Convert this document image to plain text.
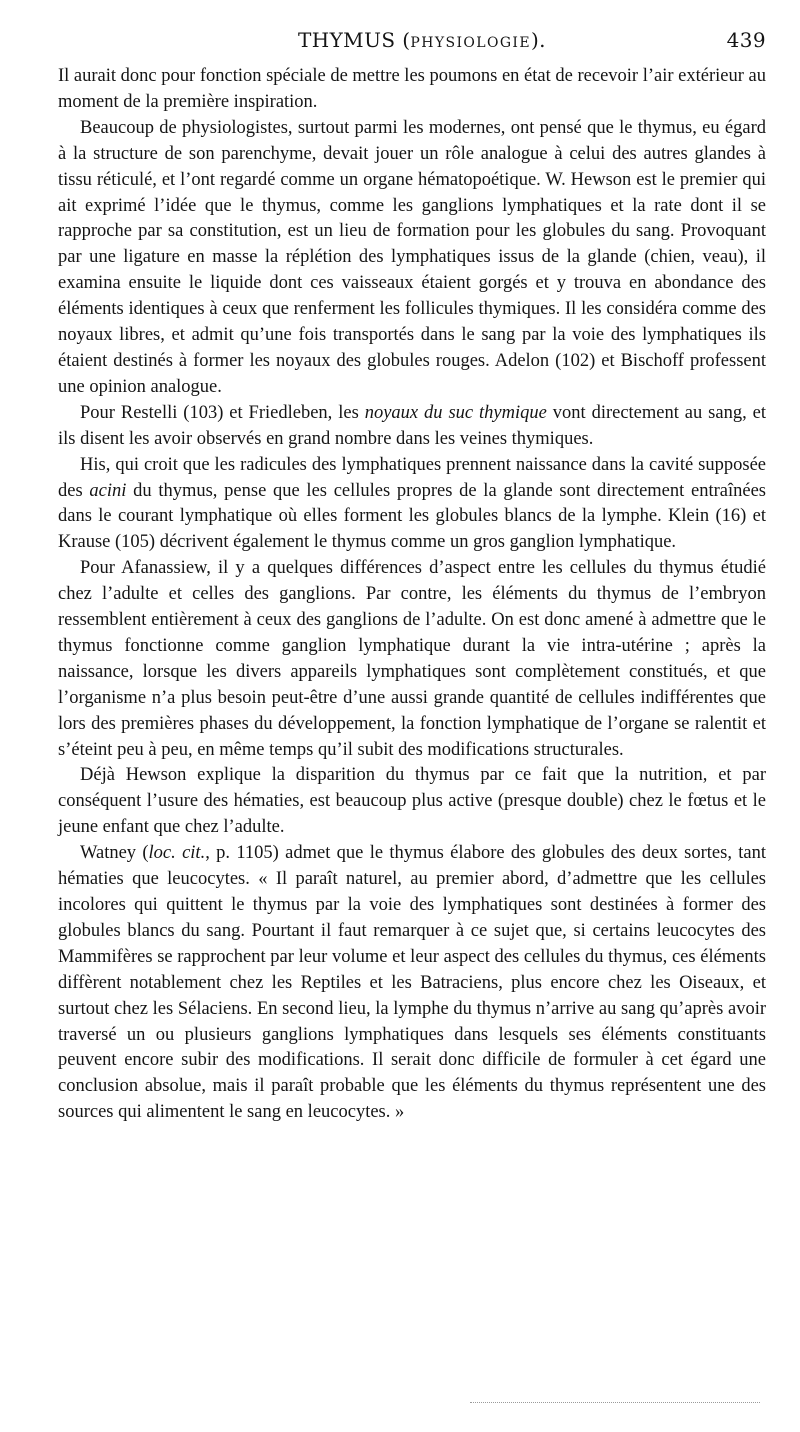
THYMUS (PHYSIOLOGIE).	439

Il aurait donc pour fonction spéciale de mettre les poumons en état de recevoir l’air extérieur au moment de la première inspiration.

Beaucoup de physiologistes, surtout parmi les modernes, ont pensé que le thymus, eu égard à la structure de son parenchyme, devait jouer un rôle analogue à celui des autres glandes à tissu réticulé, et l’ont regardé comme un organe hématopoétique. W. Hewson est le premier qui ait exprimé l’idée que le thymus, comme les ganglions lymphatiques et la rate dont il se rapproche par sa constitution, est un lieu de formation pour les globules du sang. Provoquant par une ligature en masse la réplétion des lymphatiques issus de la glande (chien, veau), il examina ensuite le liquide dont ces vaisseaux étaient gorgés et y trouva en abondance des éléments identiques à ceux que renferment les follicules thymiques. Il les considéra comme des noyaux libres, et admit qu’une fois transportés dans le sang par la voie des lymphatiques ils étaient destinés à former les noyaux des globules rouges. Adelon (102) et Bischoff professent une opinion analogue.

Pour Restelli (103) et Friedleben, les noyaux du suc thymique vont directement au sang, et ils disent les avoir observés en grand nombre dans les veines thymiques.

His, qui croit que les radicules des lymphatiques prennent naissance dans la cavité supposée des acini du thymus, pense que les cellules propres de la glande sont directement entraînées dans le courant lymphatique où elles forment les globules blancs de la lymphe. Klein (16) et Krause (105) décrivent également le thymus comme un gros ganglion lymphatique.

Pour Afanassiew, il y a quelques différences d’aspect entre les cellules du thymus étudié chez l’adulte et celles des ganglions. Par contre, les éléments du thymus de l’embryon ressemblent entièrement à ceux des ganglions de l’adulte. On est donc amené à admettre que le thymus fonctionne comme ganglion lymphatique durant la vie intra-utérine ; après la naissance, lorsque les divers appareils lymphatiques sont complètement constitués, et que l’organisme n’a plus besoin peut-être d’une aussi grande quantité de cellules indifférentes que lors des premières phases du développement, la fonction lymphatique de l’organe se ralentit et s’éteint peu à peu, en même temps qu’il subit des modifications structurales.

Déjà Hewson explique la disparition du thymus par ce fait que la nutrition, et par conséquent l’usure des hématies, est beaucoup plus active (presque double) chez le fœtus et le jeune enfant que chez l’adulte.

Watney (loc. cit., p. 1105) admet que le thymus élabore des globules des deux sortes, tant hématies que leucocytes. « Il paraît naturel, au premier abord, d’admettre que les cellules incolores qui quittent le thymus par la voie des lymphatiques sont destinées à former des globules blancs du sang. Pourtant il faut remarquer à ce sujet que, si certains leucocytes des Mammifères se rapprochent par leur volume et leur aspect des cellules du thymus, ces éléments diffèrent notablement chez les Reptiles et les Batraciens, plus encore chez les Oiseaux, et surtout chez les Sélaciens. En second lieu, la lymphe du thymus n’arrive au sang qu’après avoir traversé un ou plusieurs ganglions lymphatiques dans lesquels ses éléments constituants peuvent encore subir des modifications. Il serait donc difficile de formuler à cet égard une conclusion absolue, mais il paraît probable que les éléments du thymus représentent une des sources qui alimentent le sang en leucocytes. »
